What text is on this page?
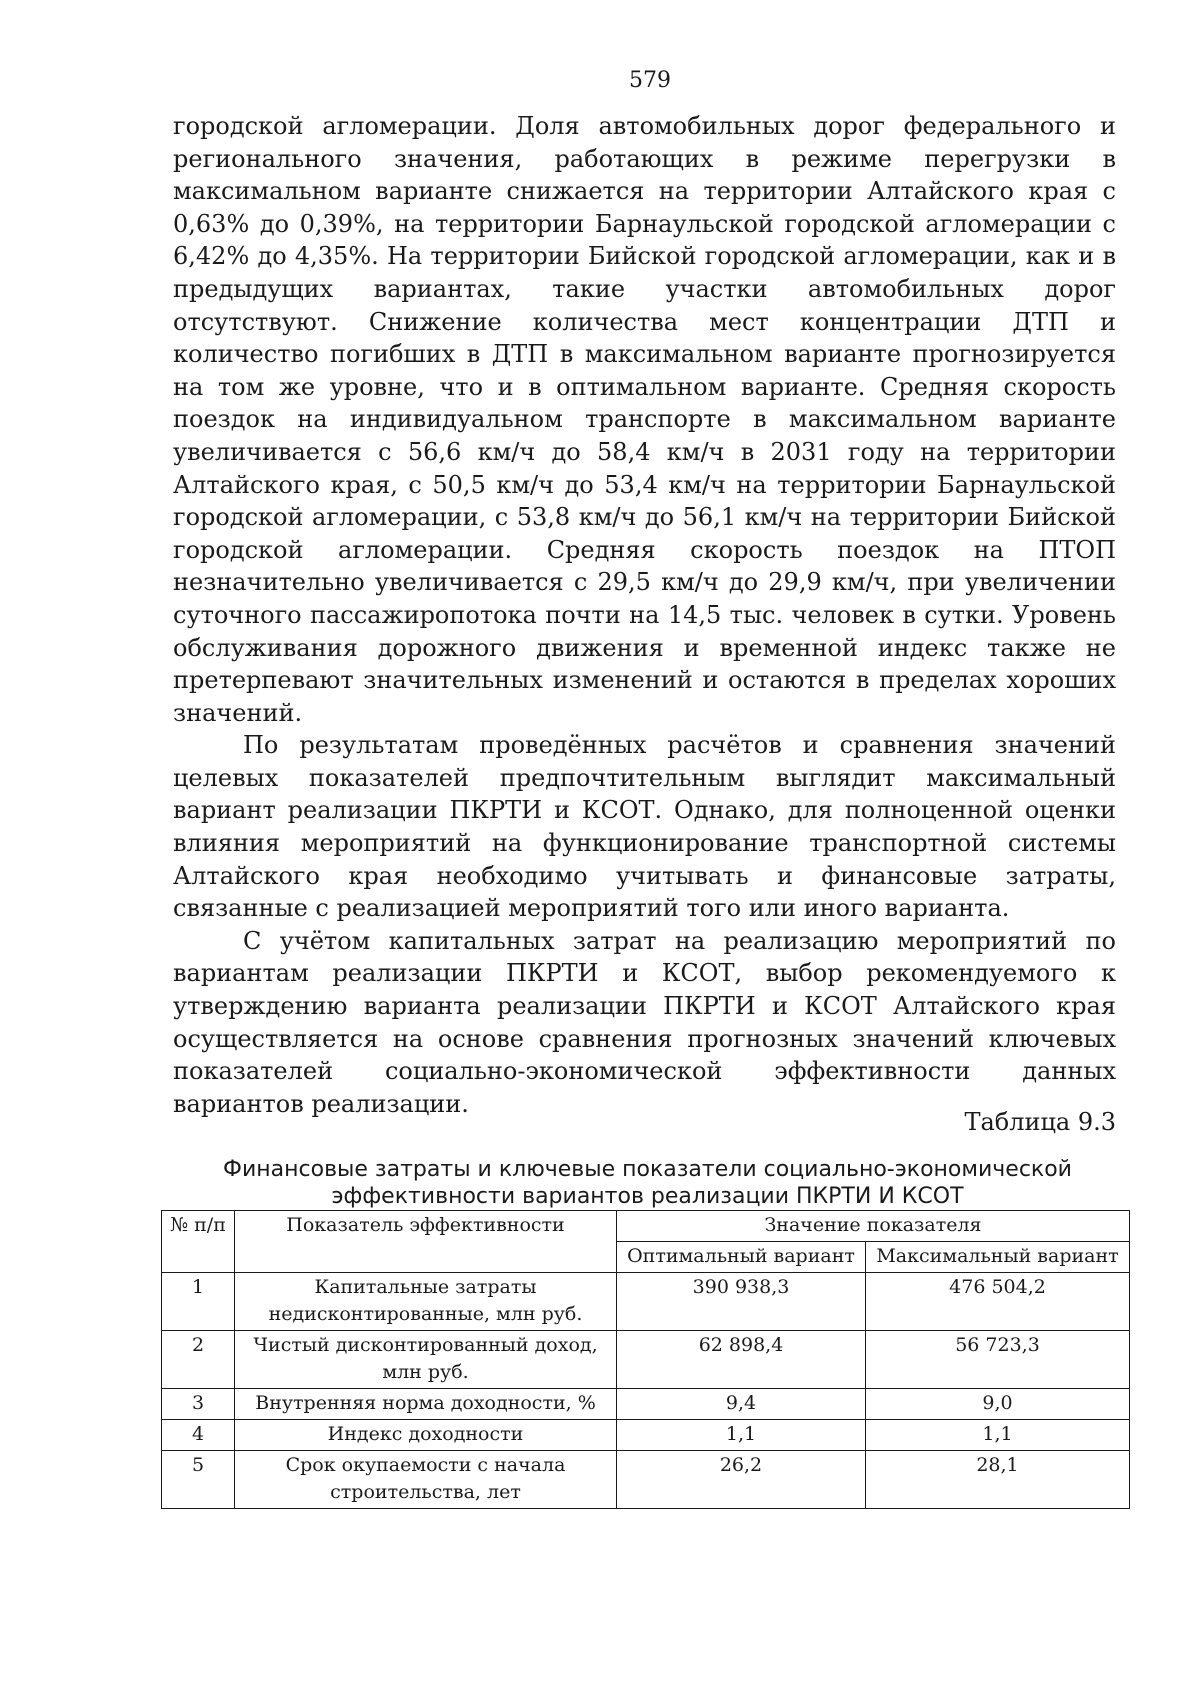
579

городской агломерации. Доля автомобильных дорог федерального и регионального значения, работающих в режиме перегрузки в максимальном варианте снижается на территории Алтайского края с 0,63% до 0,39%, на территории Барнаульской городской агломерации с 6,42% до 4,35%. На территории Бийской городской агломерации, как и в предыдущих вариантах, такие участки автомобильных дорог отсутствуют. Снижение количества мест концентрации ДТП и количество погибших в ДТП в максимальном варианте прогнозируется на том же уровне, что и в оптимальном варианте. Средняя скорость поездок на индивидуальном транспорте в максимальном варианте увеличивается с 56,6 км/ч до 58,4 км/ч в 2031 году на территории Алтайского края, с 50,5 км/ч до 53,4 км/ч на территории Барнаульской городской агломерации, с 53,8 км/ч до 56,1 км/ч на территории Бийской городской агломерации. Средняя скорость поездок на ПТОП незначительно увеличивается с 29,5 км/ч до 29,9 км/ч, при увеличении суточного пассажиропотока почти на 14,5 тыс. человек в сутки. Уровень обслуживания дорожного движения и временной индекс также не претерпевают значительных изменений и остаются в пределах хороших значений.

По результатам проведённых расчётов и сравнения значений целевых показателей предпочтительным выглядит максимальный вариант реализации ПКРТИ и КСОТ. Однако, для полноценной оценки влияния мероприятий на функционирование транспортной системы Алтайского края необходимо учитывать и финансовые затраты, связанные с реализацией мероприятий того или иного варианта.

С учётом капитальных затрат на реализацию мероприятий по вариантам реализации ПКРТИ и КСОТ, выбор рекомендуемого к утверждению варианта реализации ПКРТИ и КСОТ Алтайского края осуществляется на основе сравнения прогнозных значений ключевых показателей социально-экономической эффективности данных вариантов реализации.

Таблица 9.3
Финансовые затраты и ключевые показатели социально-экономической эффективности вариантов реализации ПКРТИ И КСОТ
№ п/п	Показатель эффективности	Значение показателя	
		Оптимальный вариант	Максимальный вариант
1	Капитальные затраты недисконтированные, млн руб.	390 938,3	476 504,2
2	Чистый дисконтированный доход, млн руб.	62 898,4	56 723,3
3	Внутренняя норма доходности, %	9,4	9,0
4	Индекс доходности	1,1	1,1
5	Срок окупаемости с начала строительства, лет	26,2	28,1
